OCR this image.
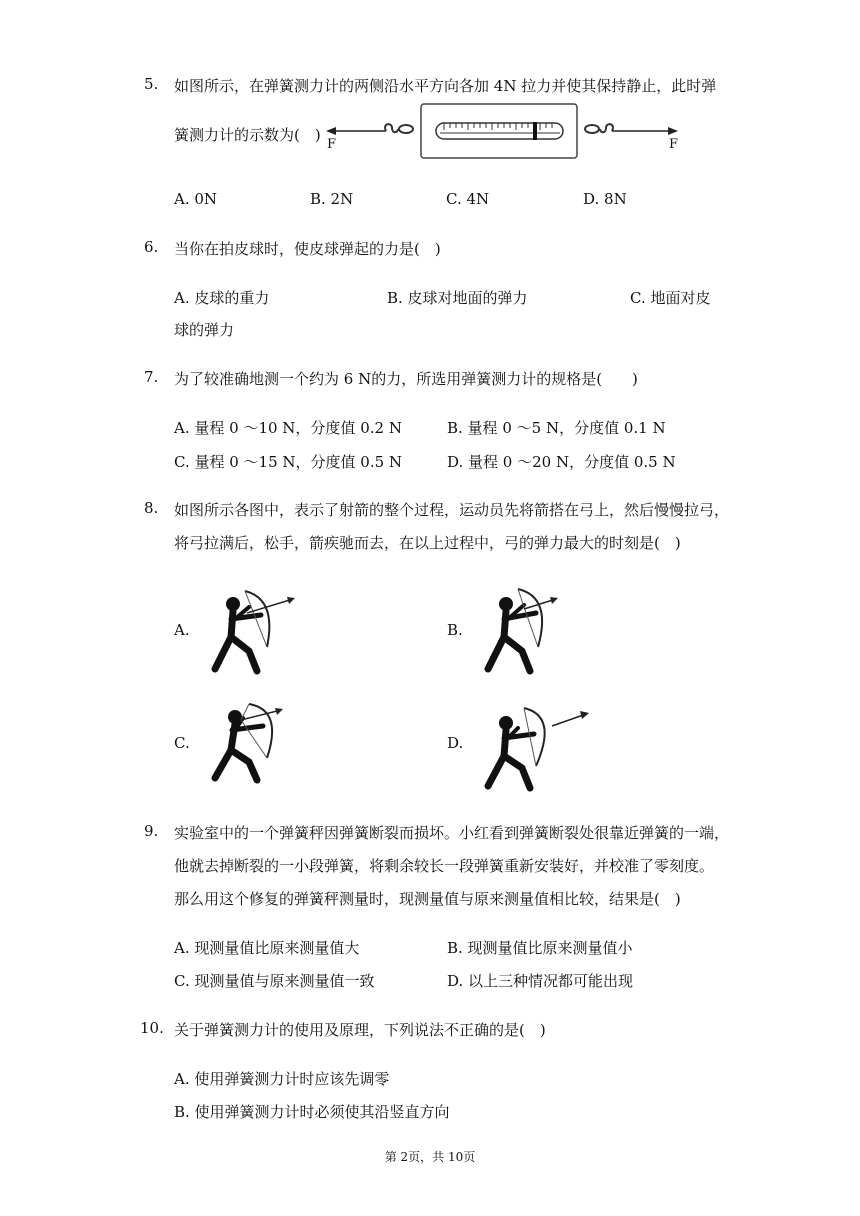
5. 如图所示，在弹簧测力计的两侧沿水平方向各加 4N 拉力并使其保持静止，此时弹
簧测力计的示数为(　)
F	F
A. 0N	B. 2N	C. 4N	D. 8N
6. 当你在拍皮球时，使皮球弹起的力是(　)
A. 皮球的重力	B. 皮球对地面的弹力	C. 地面对皮
球的弹力
7. 为了较准确地测一个约为 6 N的力，所选用弹簧测力计的规格是(　　)
A. 量程 0 ～10 N，分度值 0.2 N	B. 量程 0 ～5 N，分度值 0.1 N
C. 量程 0 ～15 N，分度值 0.5 N	D. 量程 0 ～20 N，分度值 0.5 N
8. 如图所示各图中，表示了射箭的整个过程，运动员先将箭搭在弓上，然后慢慢拉弓，
将弓拉满后，松手，箭疾驰而去，在以上过程中，弓的弹力最大的时刻是(　)
A.	B.
C.	D.
9. 实验室中的一个弹簧秤因弹簧断裂而损坏。小红看到弹簧断裂处很靠近弹簧的一端，
他就去掉断裂的一小段弹簧，将剩余较长一段弹簧重新安装好，并校准了零刻度。
那么用这个修复的弹簧秤测量时，现测量值与原来测量值相比较，结果是(　)
A. 现测量值比原来测量值大	B. 现测量值比原来测量值小
C. 现测量值与原来测量值一致	D. 以上三种情况都可能出现
10. 关于弹簧测力计的使用及原理，下列说法不正确的是(　)
A. 使用弹簧测力计时应该先调零
B. 使用弹簧测力计时必须使其沿竖直方向
第 2页，共 10页
